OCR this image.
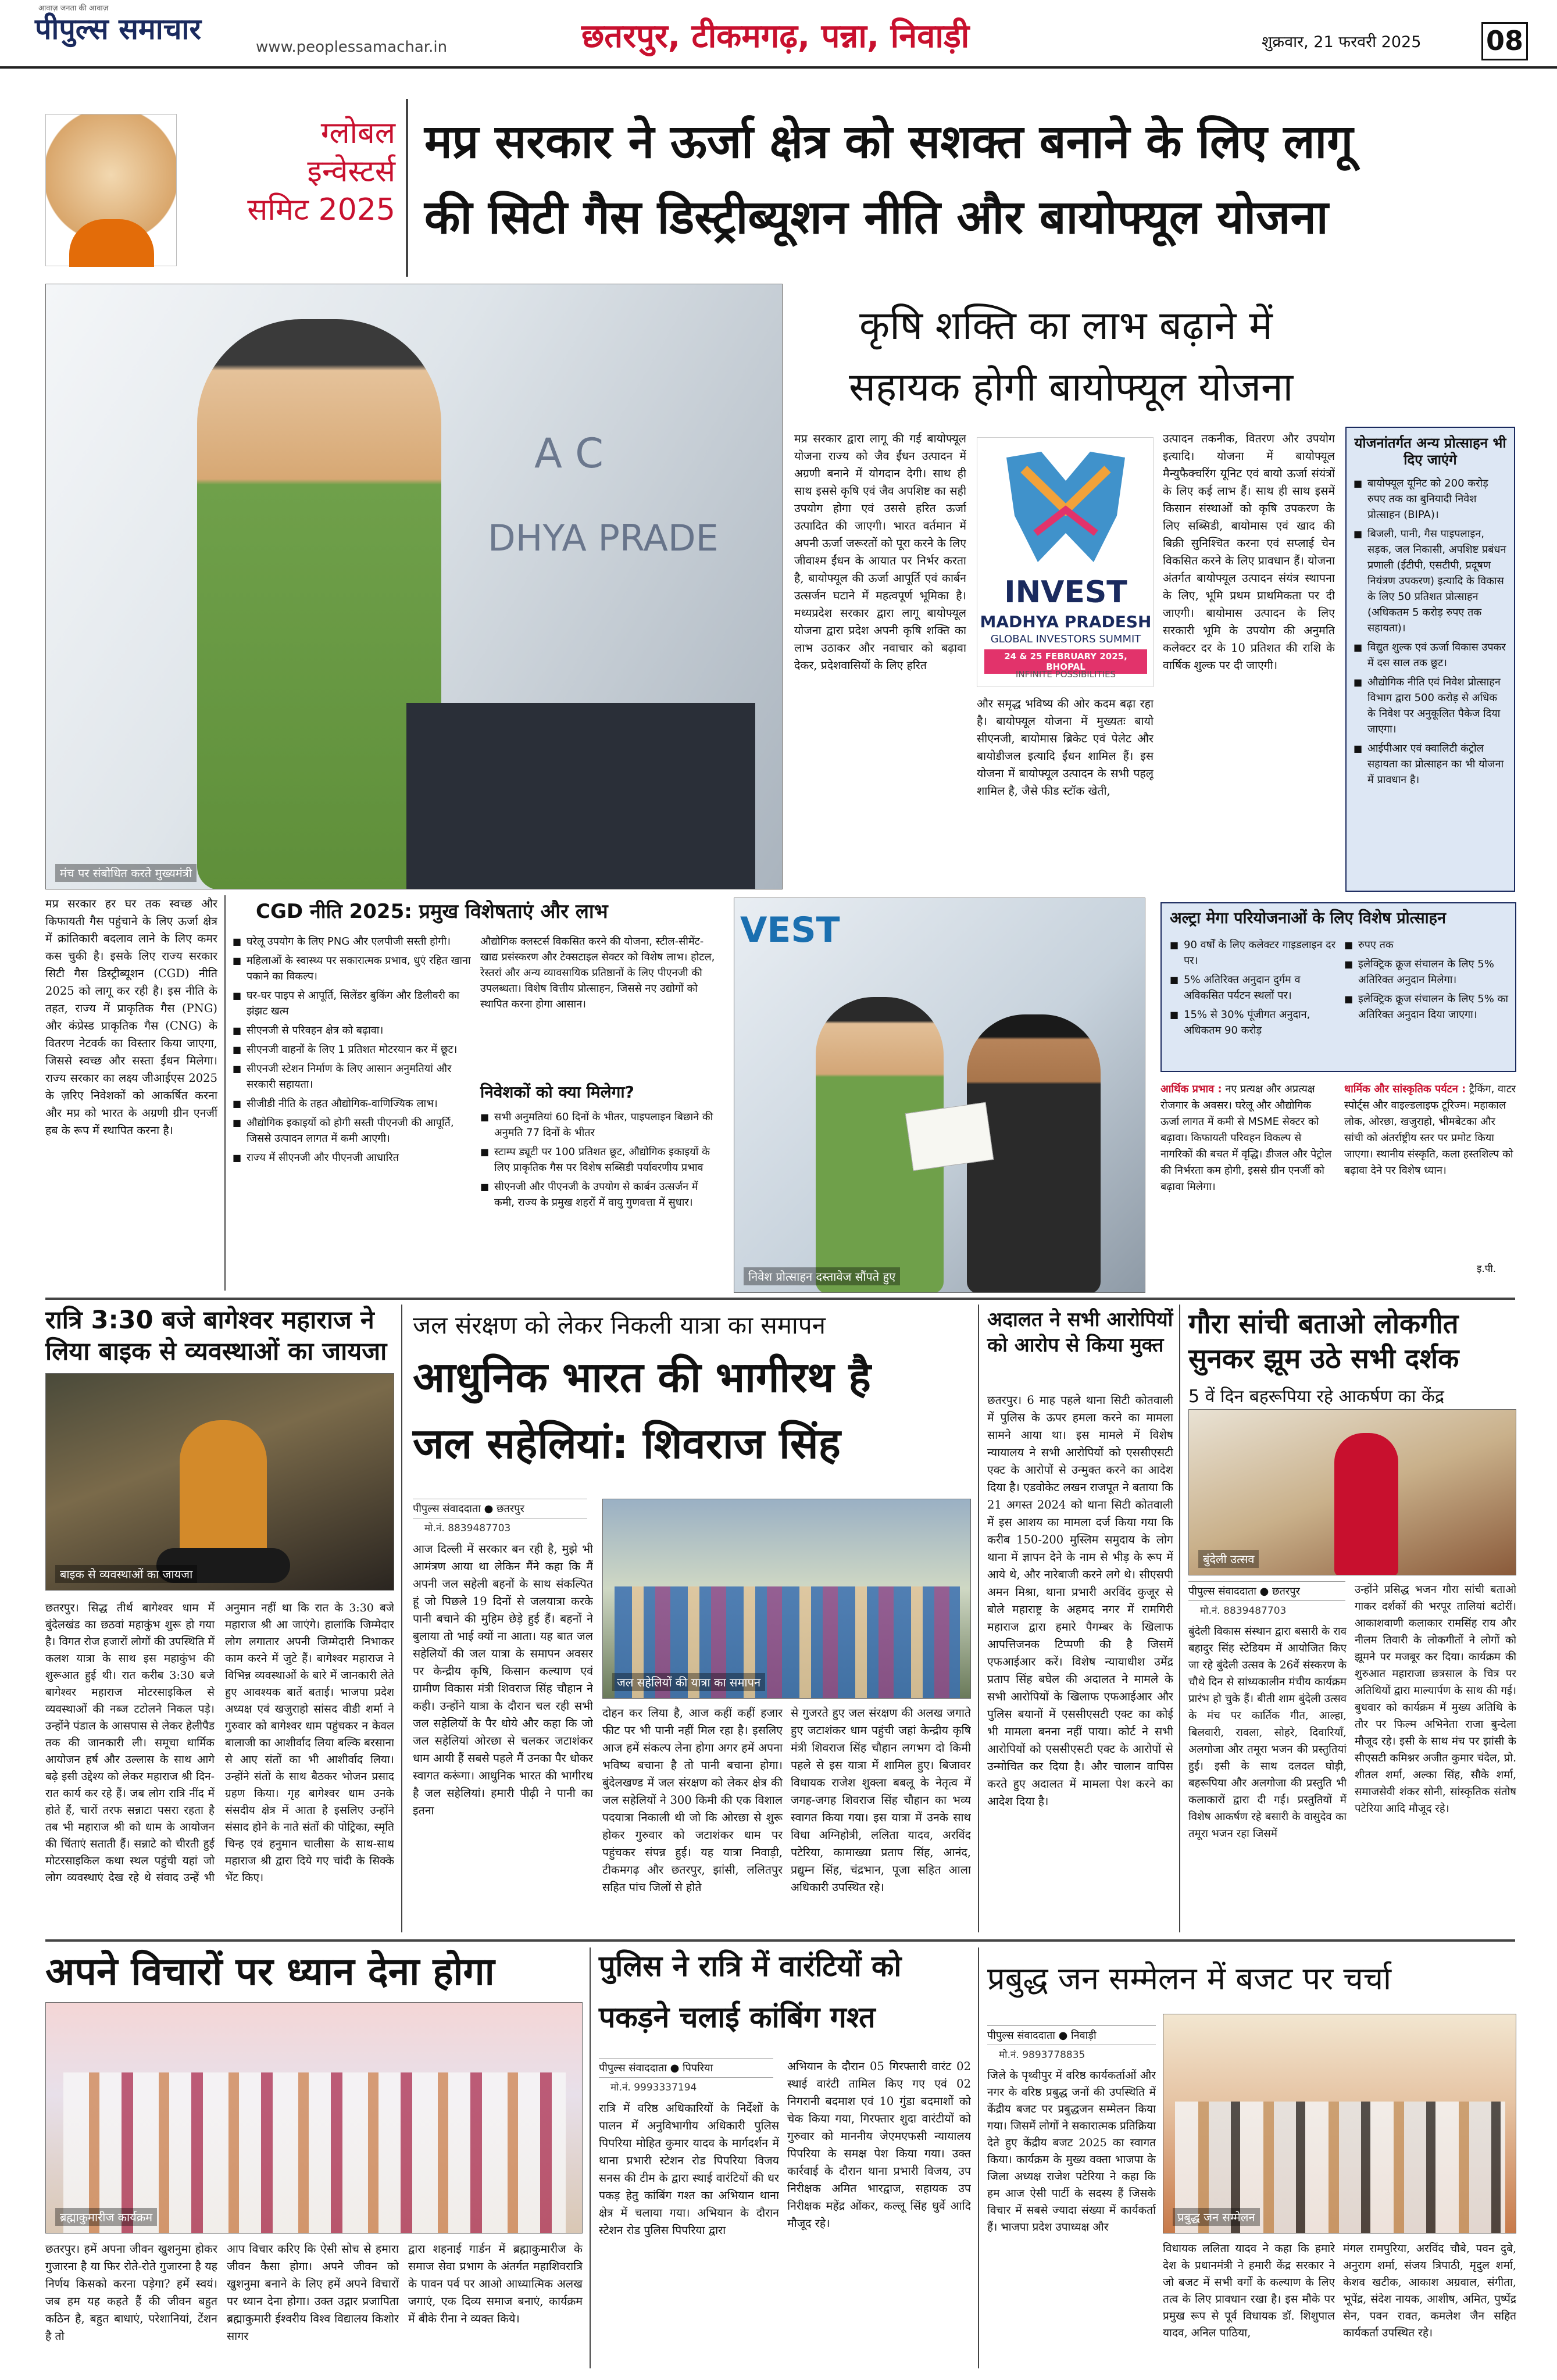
आवाज़ जनता की आवाज़
पीपुल्स समाचार
www.peoplessamachar.in	छतरपुर, टीकमगढ़, पन्ना, निवाड़ी	शुक्रवार, 21 फरवरी 2025 08
ग्लोबल
इन्वेस्टर्स
समिट 2025
मप्र सरकार ने ऊर्जा क्षेत्र को सशक्त बनाने के लिए लागू
की सिटी गैस डिस्ट्रीब्यूशन नीति और बायोफ्यूल योजना
A C
DHYA PRADE
मंच पर संबोधित करते मुख्यमंत्री
कृषि शक्ति का लाभ बढ़ाने में
सहायक होगी बायोफ्यूल योजना
मप्र सरकार द्वारा लागू की गई बायोफ्यूल योजना राज्य को जैव ईंधन उत्पादन में अग्रणी बनाने में योगदान देगी। साथ ही साथ इससे कृषि एवं जैव अपशिष्ट का सही उपयोग होगा एवं उससे हरित ऊर्जा उत्पादित की जाएगी। भारत वर्तमान में अपनी ऊर्जा जरूरतों को पूरा करने के लिए जीवाश्म ईंधन के आयात पर निर्भर करता है, बायोफ्यूल की ऊर्जा आपूर्ति एवं कार्बन उत्सर्जन घटाने में महत्वपूर्ण भूमिका है। मध्यप्रदेश सरकार द्वारा लागू बायोफ्यूल योजना द्वारा प्रदेश अपनी कृषि शक्ति का लाभ उठाकर और नवाचार को बढ़ावा देकर, प्रदेशवासियों के लिए हरित
INVEST
MADHYA PRADESH
GLOBAL INVESTORS SUMMIT
24 & 25 FEBRUARY 2025, BHOPAL
INFINITE POSSIBILITIES
और समृद्ध भविष्य की ओर कदम बढ़ा रहा है। बायोफ्यूल योजना में मुख्यतः बायो सीएनजी, बायोमास ब्रिकेट एवं पेलेट और बायोडीजल इत्यादि ईंधन शामिल हैं। इस योजना में बायोफ्यूल उत्पादन के सभी पहलू शामिल है, जैसे फीड स्टॉक खेती,
उत्पादन तकनीक, वितरण और उपयोग इत्यादि। योजना में बायोफ्यूल मैन्युफैक्चरिंग यूनिट एवं बायो ऊर्जा संयंत्रों के लिए कई लाभ हैं। साथ ही साथ इसमें किसान संस्थाओं को कृषि उपकरण के लिए सब्सिडी, बायोमास एवं खाद की बिक्री सुनिश्चित करना एवं सप्लाई चेन विकसित करने के लिए प्रावधान हैं। योजना अंतर्गत बायोफ्यूल उत्पादन संयंत्र स्थापना के लिए, भूमि प्रथम प्राथमिकता पर दी जाएगी। बायोमास उत्पादन के लिए सरकारी भूमि के उपयोग की अनुमति कलेक्टर दर के 10 प्रतिशत की राशि के वार्षिक शुल्क पर दी जाएगी।
योजनांतर्गत अन्य प्रोत्साहन भी दिए जाएंगे
■ बायोफ्यूल यूनिट को 200 करोड़ रुपए तक का बुनियादी निवेश प्रोत्साहन (BIPA)।
■ बिजली, पानी, गैस पाइपलाइन, सड़क, जल निकासी, अपशिष्ट प्रबंधन प्रणाली (ईटीपी, एसटीपी, प्रदूषण नियंत्रण उपकरण) इत्यादि के विकास के लिए 50 प्रतिशत प्रोत्साहन (अधिकतम 5 करोड़ रुपए तक सहायता)।
■ विद्युत शुल्क एवं ऊर्जा विकास उपकर में दस साल तक छूट।
■ औद्योगिक नीति एवं निवेश प्रोत्साहन विभाग द्वारा 500 करोड़ से अधिक के निवेश पर अनुकूलित पैकेज दिया जाएगा।
■ आईपीआर एवं क्वालिटी कंट्रोल सहायता का प्रोत्साहन का भी योजना में प्रावधान है।
मप्र सरकार हर घर तक स्वच्छ और किफायती गैस पहुंचाने के लिए ऊर्जा क्षेत्र में क्रांतिकारी बदलाव लाने के लिए कमर कस चुकी है। इसके लिए राज्य सरकार सिटी गैस डिस्ट्रीब्यूशन (CGD) नीति 2025 को लागू कर रही है। इस नीति के तहत, राज्य में प्राकृतिक गैस (PNG) और कंप्रेस्ड प्राकृतिक गैस (CNG) के वितरण नेटवर्क का विस्तार किया जाएगा, जिससे स्वच्छ और सस्ता ईंधन मिलेगा। राज्य सरकार का लक्ष्य जीआईएस 2025 के ज़रिए निवेशकों को आकर्षित करना और मप्र को भारत के अग्रणी ग्रीन एनर्जी हब के रूप में स्थापित करना है।
CGD नीति 2025: प्रमुख विशेषताएं और लाभ
■ घरेलू उपयोग के लिए PNG और एलपीजी सस्ती होगी।
■ महिलाओं के स्वास्थ्य पर सकारात्मक प्रभाव, धुएं रहित खाना पकाने का विकल्प।
■ घर-घर पाइप से आपूर्ति, सिलेंडर बुकिंग और डिलीवरी का झंझट खत्म
■ सीएनजी से परिवहन क्षेत्र को बढ़ावा।
■ सीएनजी वाहनों के लिए 1 प्रतिशत मोटरयान कर में छूट।
■ सीएनजी स्टेशन निर्माण के लिए आसान अनुमतियां और सरकारी सहायता।
■ सीजीडी नीति के तहत औद्योगिक-वाणिज्यिक लाभ।
■ औद्योगिक इकाइयों को होगी सस्ती पीएनजी की आपूर्ति, जिससे उत्पादन लागत में कमी आएगी।
■ राज्य में सीएनजी और पीएनजी आधारित
औद्योगिक क्लस्टर्स विकसित करने की योजना, स्टील-सीमेंट-खाद्य प्रसंस्करण और टेक्सटाइल सेक्टर को विशेष लाभ। होटल, रेस्तरां और अन्य व्यावसायिक प्रतिष्ठानों के लिए पीएनजी की उपलब्धता। विशेष वित्तीय प्रोत्साहन, जिससे नए उद्योगों को स्थापित करना होगा आसान।
निवेशकों को क्या मिलेगा?
■ सभी अनुमतियां 60 दिनों के भीतर, पाइपलाइन बिछाने की अनुमति 77 दिनों के भीतर
■ स्टाम्प ड्यूटी पर 100 प्रतिशत छूट, औद्योगिक इकाइयों के लिए प्राकृतिक गैस पर विशेष सब्सिडी पर्यावरणीय प्रभाव
■ सीएनजी और पीएनजी के उपयोग से कार्बन उत्सर्जन में कमी, राज्य के प्रमुख शहरों में वायु गुणवत्ता में सुधार।
VEST
निवेश प्रोत्साहन दस्तावेज सौंपते हुए
अल्ट्रा मेगा परियोजनाओं के लिए विशेष प्रोत्साहन
■ 90 वर्षों के लिए कलेक्टर गाइडलाइन दर पर।
■ 5% अतिरिक्त अनुदान दुर्गम व अविकसित पर्यटन स्थलों पर।
■ 15% से 30% पूंजीगत अनुदान, अधिकतम 90 करोड़
■ रुपए तक
■ इलेक्ट्रिक क्रूज संचालन के लिए 5% अतिरिक्त अनुदान मिलेगा।
■ इलेक्ट्रिक क्रूज संचालन के लिए 5% का अतिरिक्त अनुदान दिया जाएगा।
आर्थिक प्रभाव : नए प्रत्यक्ष और अप्रत्यक्ष रोजगार के अवसर। घरेलू और औद्योगिक ऊर्जा लागत में कमी से MSME सेक्टर को बढ़ावा। किफायती परिवहन विकल्प से नागरिकों की बचत में वृद्धि। डीजल और पेट्रोल की निर्भरता कम होगी, इससे ग्रीन एनर्जी को बढ़ावा मिलेगा।
धार्मिक और सांस्कृतिक पर्यटन : ट्रैकिंग, वाटर स्पोर्ट्स और वाइल्डलाइफ टूरिज्म। महाकाल लोक, ओरछा, खजुराहो, भीमबेटका और सांची को अंतर्राष्ट्रीय स्तर पर प्रमोट किया जाएगा। स्थानीय संस्कृति, कला हस्तशिल्प को बढ़ावा देने पर विशेष ध्यान।
इ.पी.
रात्रि 3:30 बजे बागेश्वर महाराज ने लिया बाइक से व्यवस्थाओं का जायजा
बाइक से व्यवस्थाओं का जायजा
छतरपुर। सिद्ध तीर्थ बागेश्वर धाम में बुंदेलखंड का छठवां महाकुंभ शुरू हो गया है। विगत रोज हजारों लोगों की उपस्थिति में कलश यात्रा के साथ इस महाकुंभ की शुरूआत हुई थी। रात करीब 3:30 बजे बागेश्वर महाराज मोटरसाइकिल से व्यवस्थाओं की नब्ज टटोलने निकल पड़े। उन्होंने पंडाल के आसपास से लेकर हेलीपैड तक की जानकारी ली। समूचा धार्मिक आयोजन हर्ष और उल्लास के साथ आगे बढ़े इसी उद्देश्य को लेकर महाराज श्री दिन-रात कार्य कर रहे हैं। जब लोग रात्रि नींद में होते हैं, चारों तरफ सन्नाटा पसरा रहता है तब भी महाराज श्री को धाम के आयोजन की चिंताएं सताती हैं। सन्नाटे को चीरती हुई मोटरसाइकिल कथा स्थल पहुंची यहां जो लोग व्यवस्थाएं देख रहे थे संवाद उन्हें भी अनुमान नहीं था कि रात के 3:30 बजे महाराज श्री आ जाएंगे। हालांकि जिम्मेदार लोग लगातार अपनी जिम्मेदारी निभाकर काम करने में जुटे हैं। बागेश्वर महाराज ने विभिन्न व्यवस्थाओं के बारे में जानकारी लेते हुए आवश्यक बातें बताई। भाजपा प्रदेश अध्यक्ष एवं खजुराहो सांसद वीडी शर्मा ने गुरुवार को बागेश्वर धाम पहुंचकर न केवल बालाजी का आशीर्वाद लिया बल्कि बरसाना से आए संतों का भी आशीर्वाद लिया। उन्होंने संतों के साथ बैठकर भोजन प्रसाद ग्रहण किया। गृह बागेश्वर धाम उनके संसदीय क्षेत्र में आता है इसलिए उन्होंने संसाद होने के नाते संतों की पोट्रिका, स्मृति चिन्ह एवं हनुमान चालीसा के साथ-साथ महाराज श्री द्वारा दिये गए चांदी के सिक्के भेंट किए।
जल संरक्षण को लेकर निकली यात्रा का समापन
आधुनिक भारत की भागीरथ है
जल सहेलियां: शिवराज सिंह
पीपुल्स संवाददाता ● छतरपुर
मो.नं. 8839487703
आज दिल्ली में सरकार बन रही है, मुझे भी आमंत्रण आया था लेकिन मैंने कहा कि मैं अपनी जल सहेली बहनों के साथ संकल्पित हूं जो पिछले 19 दिनों से जलयात्रा करके पानी बचाने की मुहिम छेड़े हुई हैं। बहनों ने बुलाया तो भाई क्यों ना आता। यह बात जल सहेलियों की जल यात्रा के समापन अवसर पर केन्द्रीय कृषि, किसान कल्याण एवं ग्रामीण विकास मंत्री शिवराज सिंह चौहान ने कही। उन्होंने यात्रा के दौरान चल रही सभी जल सहेलियों के पैर धोये और कहा कि जो जल सहेलियां ओरछा से चलकर जटाशंकर धाम आयी हैं सबसे पहले मैं उनका पैर धोकर स्वागत करूंगा। आधुनिक भारत की भागीरथ है जल सहेलियां। हमारी पीढ़ी ने पानी का इतना
जल सहेलियों की यात्रा का समापन
दोहन कर लिया है, आज कहीं कहीं हजार फीट पर भी पानी नहीं मिल रहा है। इसलिए आज हमें संकल्प लेना होगा अगर हमें अपना भविष्य बचाना है तो पानी बचाना होगा। बुंदेलखण्ड में जल संरक्षण को लेकर क्षेत्र की जल सहेलियों ने 300 किमी की एक विशाल पदयात्रा निकाली थी जो कि ओरछा से शुरू होकर गुरुवार को जटाशंकर धाम पर पहुंचकर संपन्न हुई। यह यात्रा निवाड़ी, टीकमगढ़ और छतरपुर, झांसी, ललितपुर सहित पांच जिलों से होते
से गुजरते हुए जल संरक्षण की अलख जगाते हुए जटाशंकर धाम पहुंची जहां केन्द्रीय कृषि मंत्री शिवराज सिंह चौहान लगभग दो किमी पहले से इस यात्रा में शामिल हुए। बिजावर विधायक राजेश शुक्ला बबलू के नेतृत्व में जगह-जगह शिवराज सिंह चौहान का भव्य स्वागत किया गया। इस यात्रा में उनके साथ विधा अग्निहोत्री, ललिता यादव, अरविंद पटेरिया, कामाख्या प्रताप सिंह, आनंद, प्रद्युम्न सिंह, चंद्रभान, पूजा सहित आला अधिकारी उपस्थित रहे।
अदालत ने सभी आरोपियों को आरोप से किया मुक्त
छतरपुर। 6 माह पहले थाना सिटी कोतवाली में पुलिस के ऊपर हमला करने का मामला सामने आया था। इस मामले में विशेष न्यायालय ने सभी आरोपियों को एससीएसटी एक्ट के आरोपों से उन्मुक्त करने का आदेश दिया है। एडवोकेट लखन राजपूत ने बताया कि 21 अगस्त 2024 को थाना सिटी कोतवाली में इस आशय का मामला दर्ज किया गया कि करीब 150-200 मुस्लिम समुदाय के लोग थाना में ज्ञापन देने के नाम से भीड़ के रूप में आये थे, और नारेबाजी करने लगे थे। सीएसपी अमन मिश्रा, थाना प्रभारी अरविंद कुजूर से बोले महाराष्ट्र के अहमद नगर में रामगिरी महाराज द्वारा हमारे पैगम्बर के खिलाफ आपत्तिजनक टिप्पणी की है जिसमें एफआईआर करें। विशेष न्यायाधीश उमेंद्र प्रताप सिंह बघेल की अदालत ने मामले के सभी आरोपियों के खिलाफ एफआईआर और पुलिस बयानों में एससीएसटी एक्ट का कोई भी मामला बनना नहीं पाया। कोर्ट ने सभी आरोपियों को एससीएसटी एक्ट के आरोपों से उन्मोचित कर दिया है। और चालान वापिस करते हुए अदालत में मामला पेश करने का आदेश दिया है।
गौरा सांची बताओ लोकगीत सुनकर झूम उठे सभी दर्शक
5 वें दिन बहरूपिया रहे आकर्षण का केंद्र
बुंदेली उत्सव
पीपुल्स संवाददाता ● छतरपुर
मो.नं. 8839487703
बुंदेली विकास संस्थान द्वारा बसारी के राव बहादुर सिंह स्टेडियम में आयोजित किए जा रहे बुंदेली उत्सव के 26वें संस्करण के चौथे दिन से सांध्यकालीन मंचीय कार्यक्रम प्रारंभ हो चुके हैं। बीती शाम बुंदेली उत्सव के मंच पर कार्तिक गीत, आल्हा, बिलवारी, रावला, सोहरे, दिवारियाँ, अलगोजा और तमूरा भजन की प्रस्तुतियां हुई। इसी के साथ दलदल घोड़ी, बहरूपिया और अलगोजा की प्रस्तुति भी कलाकारों द्वारा दी गई। प्रस्तुतियों में विशेष आकर्षण रहे बसारी के वासुदेव का तमूरा भजन रहा जिसमें
उन्होंने प्रसिद्ध भजन गौरा सांची बताओ गाकर दर्शकों की भरपूर तालियां बटोरीं। आकाशवाणी कलाकार रामसिंह राय और नीलम तिवारी के लोकगीतों ने लोगों को झूमने पर मजबूर कर दिया। कार्यक्रम की शुरुआत महाराजा छत्रसाल के चित्र पर अतिथियों द्वारा माल्यार्पण के साथ की गई। बुधवार को कार्यक्रम में मुख्य अतिथि के तौर पर फिल्म अभिनेता राजा बुन्देला मौजूद रहे। इसी के साथ मंच पर झांसी के सीएसटी कमिश्नर अजीत कुमार चंदेल, प्रो. शीतल शर्मा, अल्का सिंह, सौके शर्मा, समाजसेवी शंकर सोनी, सांस्कृतिक संतोष पटेरिया आदि मौजूद रहे।
अपने विचारों पर ध्यान देना होगा
ब्रह्माकुमारीज कार्यक्रम
छतरपुर। हमें अपना जीवन खुशनुमा होकर गुजारना है या फिर रोते-रोते गुजारना है यह निर्णय किसको करना पड़ेगा? हमें स्वयं। जब हम यह कहते हैं की जीवन बहुत कठिन है, बहुत बाधाएं, परेशानियां, टेंशन है तो
आप विचार करिए कि ऐसी सोच से हमारा जीवन कैसा होगा। अपने जीवन को खुशनुमा बनाने के लिए हमें अपने विचारों पर ध्यान देना होगा। उक्त उद्गार प्रजापिता ब्रह्माकुमारी ईश्वरीय विश्व विद्यालय किशोर सागर
द्वारा शहनाई गार्डन में ब्रह्माकुमारीज के समाज सेवा प्रभाग के अंतर्गत महाशिवरात्रि के पावन पर्व पर आओ आध्यात्मिक अलख जगाएं, एक दिव्य समाज बनाएं, कार्यक्रम में बीके रीना ने व्यक्त किये।
पुलिस ने रात्रि में वारंटियों को
पकड़ने चलाई कांबिंग गश्त
पीपुल्स संवाददाता ● पिपरिया
मो.नं. 9993337194
रात्रि में वरिष्ठ अधिकारियों के निर्देशों के पालन में अनुविभागीय अधिकारी पुलिस पिपरिया मोहित कुमार यादव के मार्गदर्शन में थाना प्रभारी स्टेशन रोड पिपरिया विजय सनस की टीम के द्वारा स्थाई वारंटियों की धर पकड़ हेतु कांबिंग गश्त का अभियान थाना क्षेत्र में चलाया गया। अभियान के दौरान स्टेशन रोड पुलिस पिपरिया द्वारा
अभियान के दौरान 05 गिरफ्तारी वारंट 02 स्थाई वारंटी तामिल किए गए एवं 02 निगरानी बदमाश एवं 10 गुंडा बदमाशों को चेक किया गया, गिरफ्तार शुदा वारंटीयों को गुरुवार को माननीय जेएमएफसी न्यायालय पिपरिया के समक्ष पेश किया गया। उक्त कार्रवाई के दौरान थाना प्रभारी विजय, उप निरीक्षक अमित भारद्वाज, सहायक उप निरीक्षक महेंद्र ओंकर, कल्लू सिंह धुर्वे आदि मौजूद रहे।
प्रबुद्ध जन सम्मेलन में बजट पर चर्चा
पीपुल्स संवाददाता ● निवाड़ी
मो.नं. 9893778835
जिले के पृथ्वीपुर में वरिष्ठ कार्यकर्ताओं और नगर के वरिष्ठ प्रबुद्ध जनों की उपस्थिति में केंद्रीय बजट पर प्रबुद्धजन सम्मेलन किया गया। जिसमें लोगों ने सकारात्मक प्रतिक्रिया देते हुए केंद्रीय बजट 2025 का स्वागत किया। कार्यक्रम के मुख्य वक्ता भाजपा के जिला अध्यक्ष राजेश पटेरिया ने कहा कि हम आज ऐसी पार्टी के सदस्य हैं जिसके विचार में सबसे ज्यादा संख्या में कार्यकर्ता हैं। भाजपा प्रदेश उपाध्यक्ष और
प्रबुद्ध जन सम्मेलन
विधायक ललिता यादव ने कहा कि हमारे देश के प्रधानमंत्री ने हमारी केंद्र सरकार ने जो बजट में सभी वर्गों के कल्याण के लिए तत्व के लिए प्रावधान रखा है। इस मौके पर प्रमुख रूप से पूर्व विधायक डॉ. शिशुपाल यादव, अनिल पाठिया,
मंगल रामपुरिया, अरविंद चौबे, पवन दुबे, अनुराग शर्मा, संजय त्रिपाठी, मृदुल शर्मा, केशव खटीक, आकाश अग्रवाल, संगीता, भूपेंद्र, संदेश नायक, आशीष, अमित, पुष्पेंद्र सेन, पवन रावत, कमलेश जैन सहित कार्यकर्ता उपस्थित रहे।
